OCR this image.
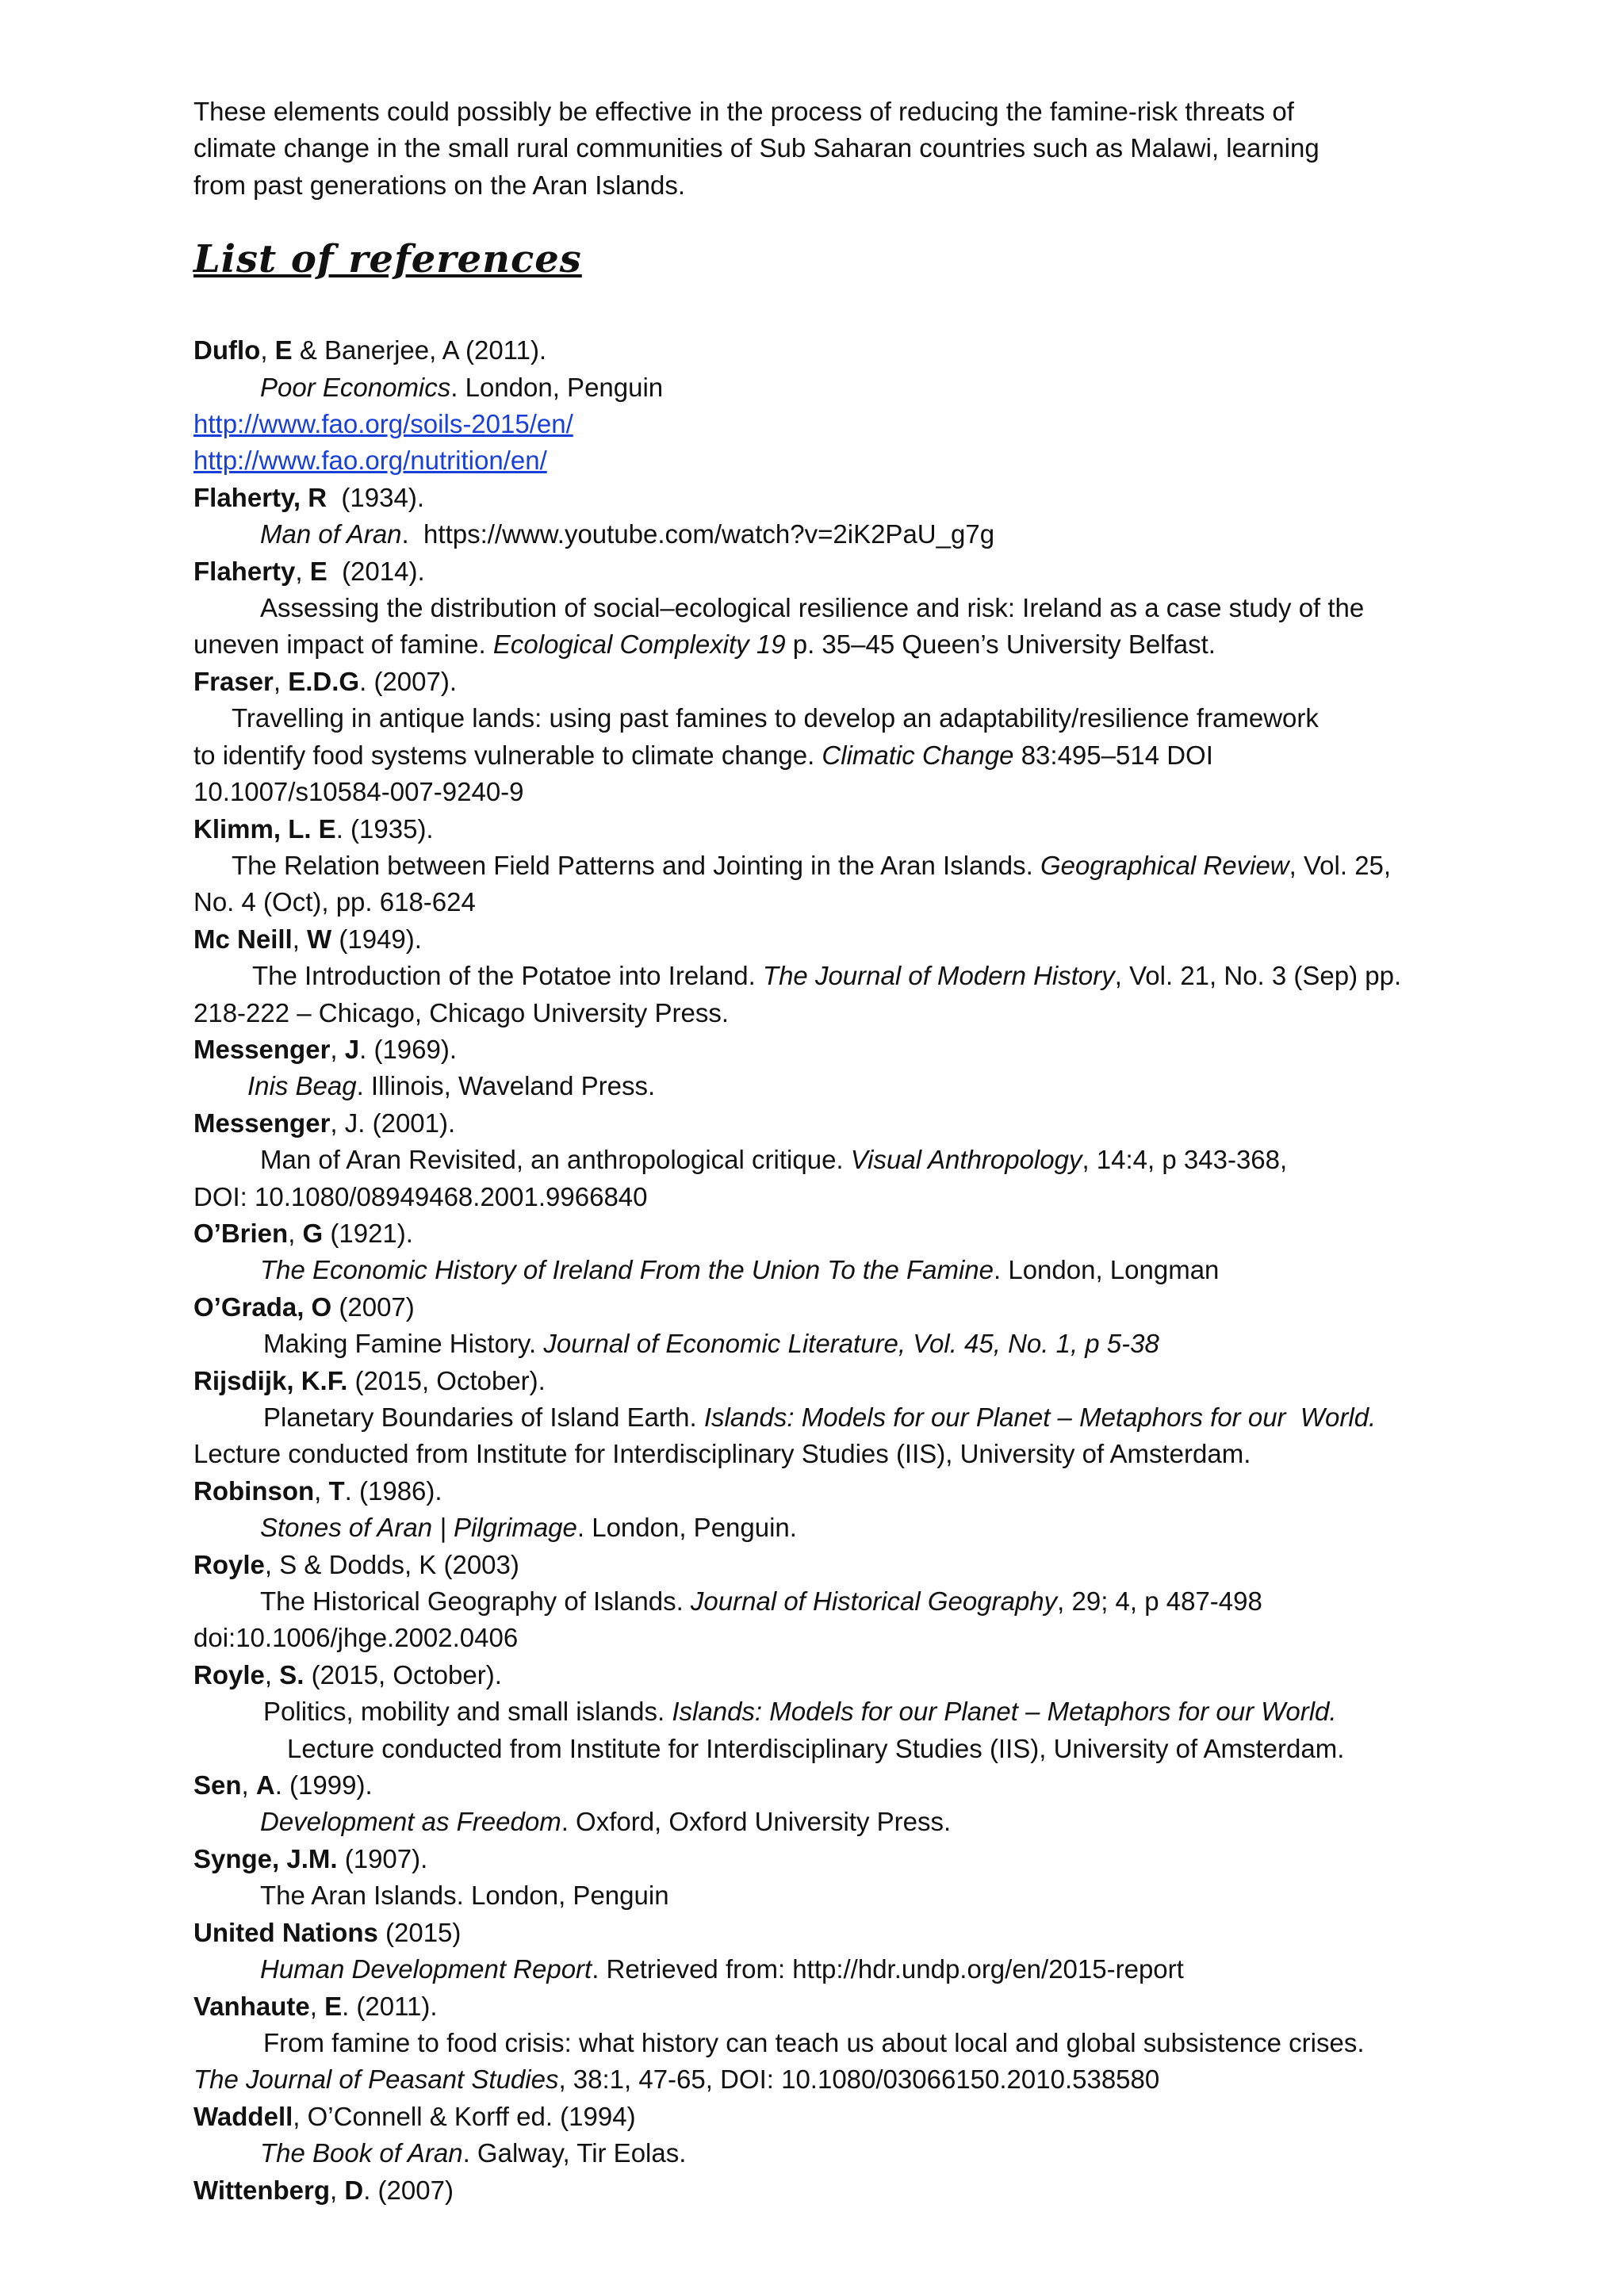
These elements could possibly be effective in the process of reducing the famine-risk threats of
climate change in the small rural communities of Sub Saharan countries such as Malawi, learning
from past generations on the Aran Islands.
List of references
Duflo, E & Banerjee, A (2011).
Poor Economics. London, Penguin
http://www.fao.org/soils-2015/en/
http://www.fao.org/nutrition/en/
Flaherty, R  (1934).
Man of Aran.  https://www.youtube.com/watch?v=2iK2PaU_g7g
Flaherty, E  (2014).
Assessing the distribution of social–ecological resilience and risk: Ireland as a case study of the
uneven impact of famine. Ecological Complexity 19 p. 35–45 Queen’s University Belfast.
Fraser, E.D.G. (2007).
Travelling in antique lands: using past famines to develop an adaptability/resilience framework
to identify food systems vulnerable to climate change. Climatic Change 83:495–514 DOI
10.1007/s10584-007-9240-9
Klimm, L. E. (1935).
The Relation between Field Patterns and Jointing in the Aran Islands. Geographical Review, Vol. 25,
No. 4 (Oct), pp. 618-624
Mc Neill, W (1949).
The Introduction of the Potatoe into Ireland. The Journal of Modern History, Vol. 21, No. 3 (Sep) pp.
218-222 – Chicago, Chicago University Press.
Messenger, J. (1969).
Inis Beag. Illinois, Waveland Press.
Messenger, J. (2001).
Man of Aran Revisited, an anthropological critique. Visual Anthropology, 14:4, p 343-368,
DOI: 10.1080/08949468.2001.9966840
O’Brien, G (1921).
The Economic History of Ireland From the Union To the Famine. London, Longman
O’Grada, O (2007)
Making Famine History. Journal of Economic Literature, Vol. 45, No. 1, p 5-38
Rijsdijk, K.F. (2015, October).
Planetary Boundaries of Island Earth. Islands: Models for our Planet – Metaphors for our  World.
Lecture conducted from Institute for Interdisciplinary Studies (IIS), University of Amsterdam.
Robinson, T. (1986).
Stones of Aran | Pilgrimage. London, Penguin.
Royle, S & Dodds, K (2003)
The Historical Geography of Islands. Journal of Historical Geography, 29; 4, p 487-498
doi:10.1006/jhge.2002.0406
Royle, S. (2015, October).
Politics, mobility and small islands. Islands: Models for our Planet – Metaphors for our World.
Lecture conducted from Institute for Interdisciplinary Studies (IIS), University of Amsterdam.
Sen, A. (1999).
Development as Freedom. Oxford, Oxford University Press.
Synge, J.M. (1907).
The Aran Islands. London, Penguin
United Nations (2015)
Human Development Report. Retrieved from: http://hdr.undp.org/en/2015-report
Vanhaute, E. (2011).
From famine to food crisis: what history can teach us about local and global subsistence crises.
The Journal of Peasant Studies, 38:1, 47-65, DOI: 10.1080/03066150.2010.538580
Waddell, O’Connell & Korff ed. (1994)
The Book of Aran. Galway, Tir Eolas.
Wittenberg, D. (2007)
